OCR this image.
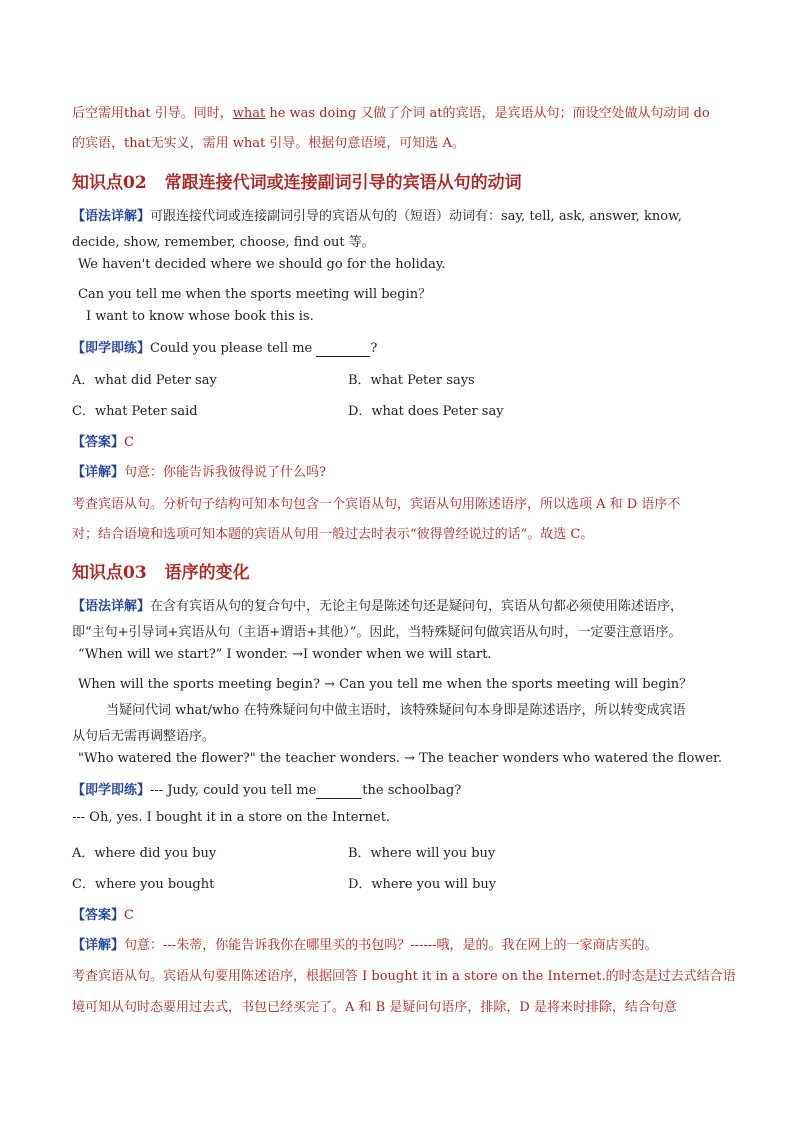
后空需用that 引导。同时，what he was doing 又做了介词 at的宾语，是宾语从句；而设空处做从句动词 do
的宾语，that无实义，需用 what 引导。根据句意语境，可知选 A。
知识点02 常跟连接代词或连接副词引导的宾语从句的动词
【语法详解】可跟连接代词或连接副词引导的宾语从句的（短语）动词有：say, tell, ask, answer, know,
decide, show, remember, choose, find out 等。
We haven't decided where we should go for the holiday.
Can you tell me when the sports meeting will begin？
I want to know whose book this is.
【即学即练】Could you please tell me	?
A．what did Peter say	B．what Peter says
C．what Peter said	D．what does Peter say
【答案】C
【详解】句意：你能告诉我彼得说了什么吗?
考查宾语从句。分析句子结构可知本句包含一个宾语从句，宾语从句用陈述语序，所以选项 A 和 D 语序不
对；结合语境和选项可知本题的宾语从句用一般过去时表示“彼得曾经说过的话”。故选 C。
知识点03 语序的变化
【语法详解】在含有宾语从句的复合句中，无论主句是陈述句还是疑问句，宾语从句都必须使用陈述语序，
即“主句+引导词+宾语从句（主语+谓语+其他）”。因此，当特殊疑问句做宾语从句时，一定要注意语序。
“When will we start?” I wonder. →I wonder when we will start.
When will the sports meeting begin? → Can you tell me when the sports meeting will begin？
当疑问代词 what/who 在特殊疑问句中做主语时，该特殊疑问句本身即是陈述语序，所以转变成宾语
从句后无需再调整语序。
"Who watered the flower?" the teacher wonders. → The teacher wonders who watered the flower.
【即学即练】--- Judy, could you tell me	the schoolbag?
--- Oh, yes. I bought it in a store on the Internet.
A．where did you buy	B．where will you buy
C．where you bought	D．where you will buy
【答案】C
【详解】句意：---朱蒂，你能告诉我你在哪里买的书包吗？------哦，是的。我在网上的一家商店买的。
考查宾语从句。宾语从句要用陈述语序，根据回答 I bought it in a store on the Internet.的时态是过去式结合语
境可知从句时态要用过去式，书包已经买完了。A 和 B 是疑问句语序，排除，D 是将来时排除，结合句意
